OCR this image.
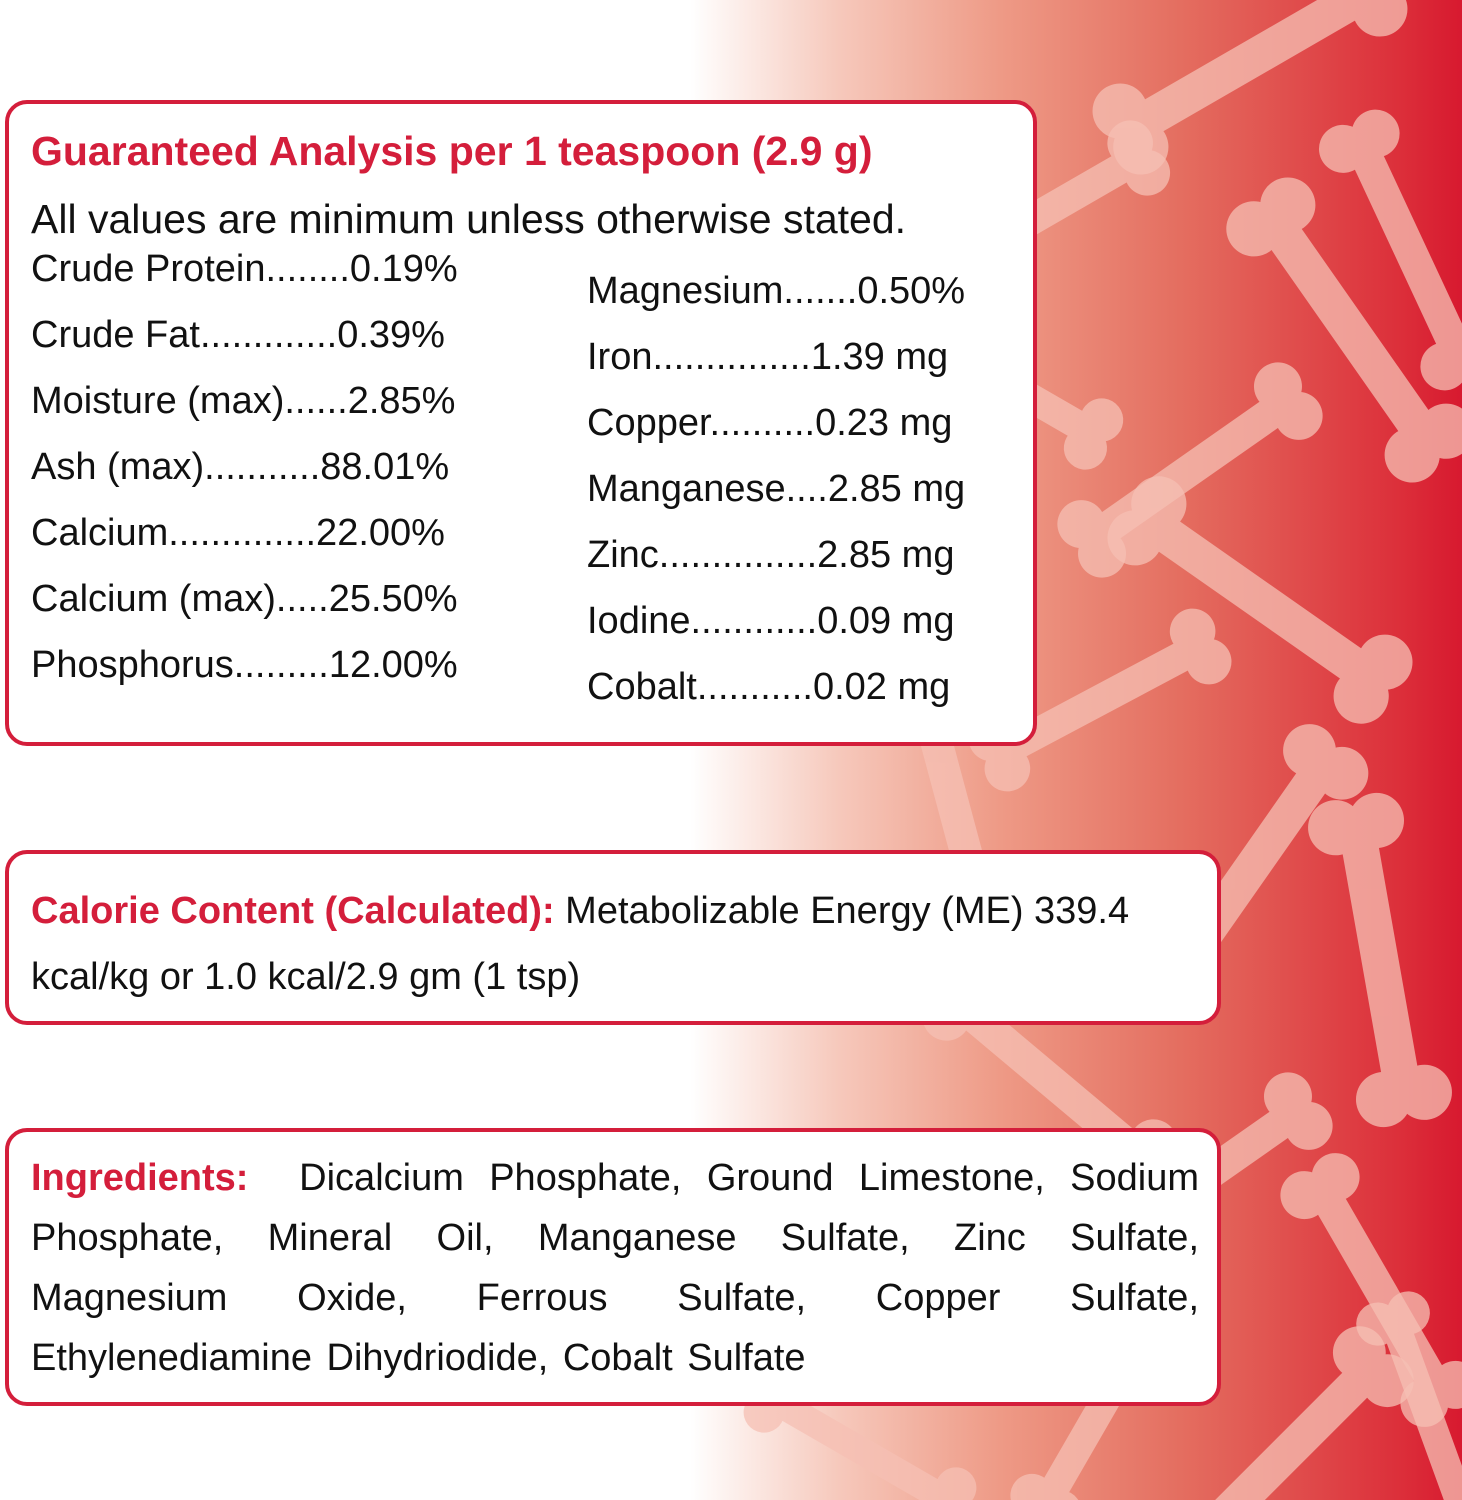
Guaranteed Analysis per 1 teaspoon (2.9 g)
All values are minimum unless otherwise stated.
Crude Protein........0.19%
Crude Fat.............0.39%
Moisture (max)......2.85%
Ash (max)...........88.01%
Calcium..............22.00%
Calcium (max).....25.50%
Phosphorus.........12.00%
Magnesium.......0.50%
Iron...............1.39 mg
Copper..........0.23 mg
Manganese....2.85 mg
Zinc...............2.85 mg
Iodine............0.09 mg
Cobalt...........0.02 mg
Calorie Content (Calculated): Metabolizable Energy (ME) 339.4 kcal/kg or 1.0 kcal/2.9 gm (1 tsp)
Ingredients: Dicalcium Phosphate, Ground Limestone, Sodium Phosphate, Mineral Oil, Manganese Sulfate, Zinc Sulfate, Magnesium Oxide, Ferrous Sulfate, Copper Sulfate, Ethylenediamine Dihydriodide, Cobalt Sulfate
